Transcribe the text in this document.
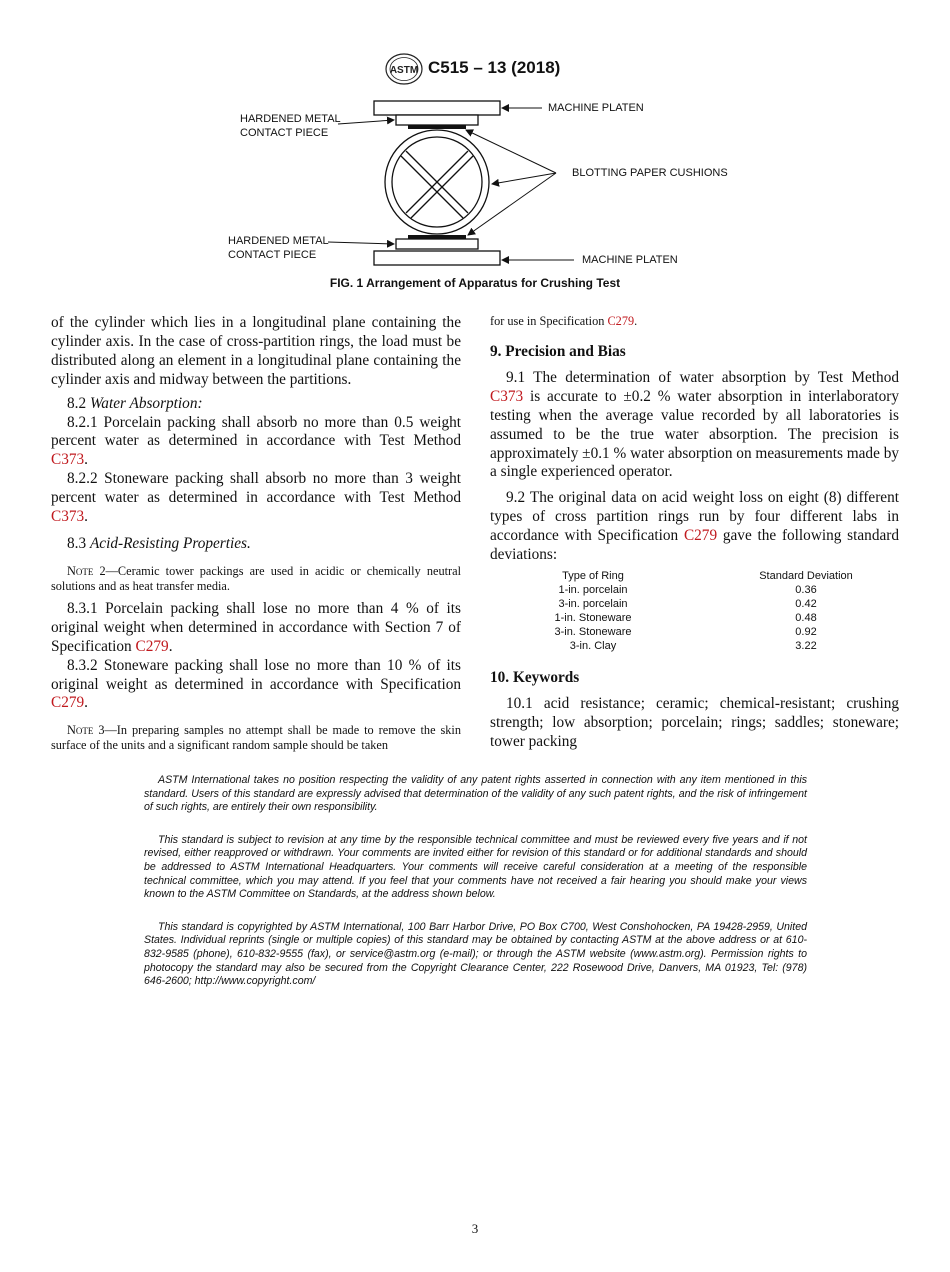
ASTM C515 – 13 (2018)
HARDENED METAL
CONTACT PIECE
HARDENED METAL
CONTACT PIECE
MACHINE PLATEN
MACHINE PLATEN
BLOTTING PAPER CUSHIONS
FIG. 1 Arrangement of Apparatus for Crushing Test

of the cylinder which lies in a longitudinal plane containing the cylinder axis. In the case of cross-partition rings, the load must be distributed along an element in a longitudinal plane containing the cylinder axis and midway between the partitions.

8.2 Water Absorption:

8.2.1 Porcelain packing shall absorb no more than 0.5 weight percent water as determined in accordance with Test Method C373.

8.2.2 Stoneware packing shall absorb no more than 3 weight percent water as determined in accordance with Test Method C373.

8.3 Acid-Resisting Properties.

Note 2—Ceramic tower packings are used in acidic or chemically neutral solutions and as heat transfer media.

8.3.1 Porcelain packing shall lose no more than 4 % of its original weight when determined in accordance with Section 7 of Specification C279.

8.3.2 Stoneware packing shall lose no more than 10 % of its original weight as determined in accordance with Specification C279.

Note 3—In preparing samples no attempt shall be made to remove the skin surface of the units and a significant random sample should be taken

for use in Specification C279.

9. Precision and Bias

9.1 The determination of water absorption by Test Method C373 is accurate to ±0.2 % water absorption in interlaboratory testing when the average value recorded by all laboratories is assumed to be the true water absorption. The precision is approximately ±0.1 % water absorption on measurements made by a single experienced operator.

9.2 The original data on acid weight loss on eight (8) different types of cross partition rings run by four different labs in accordance with Specification C279 gave the following standard deviations:

Type of Ring		Standard Deviation
1-in. porcelain		0.36
3-in. porcelain		0.42
1-in. Stoneware		0.48
3-in. Stoneware		0.92
3-in. Clay		3.22

10. Keywords

10.1 acid resistance; ceramic; chemical-resistant; crushing strength; low absorption; porcelain; rings; saddles; stoneware; tower packing

ASTM International takes no position respecting the validity of any patent rights asserted in connection with any item mentioned in this standard. Users of this standard are expressly advised that determination of the validity of any such patent rights, and the risk of infringement of such rights, are entirely their own responsibility.

This standard is subject to revision at any time by the responsible technical committee and must be reviewed every five years and if not revised, either reapproved or withdrawn. Your comments are invited either for revision of this standard or for additional standards and should be addressed to ASTM International Headquarters. Your comments will receive careful consideration at a meeting of the responsible technical committee, which you may attend. If you feel that your comments have not received a fair hearing you should make your views known to the ASTM Committee on Standards, at the address shown below.

This standard is copyrighted by ASTM International, 100 Barr Harbor Drive, PO Box C700, West Conshohocken, PA 19428-2959, United States. Individual reprints (single or multiple copies) of this standard may be obtained by contacting ASTM at the above address or at 610-832-9585 (phone), 610-832-9555 (fax), or service@astm.org (e-mail); or through the ASTM website (www.astm.org). Permission rights to photocopy the standard may also be secured from the Copyright Clearance Center, 222 Rosewood Drive, Danvers, MA 01923, Tel: (978) 646-2600; http://www.copyright.com/

3
